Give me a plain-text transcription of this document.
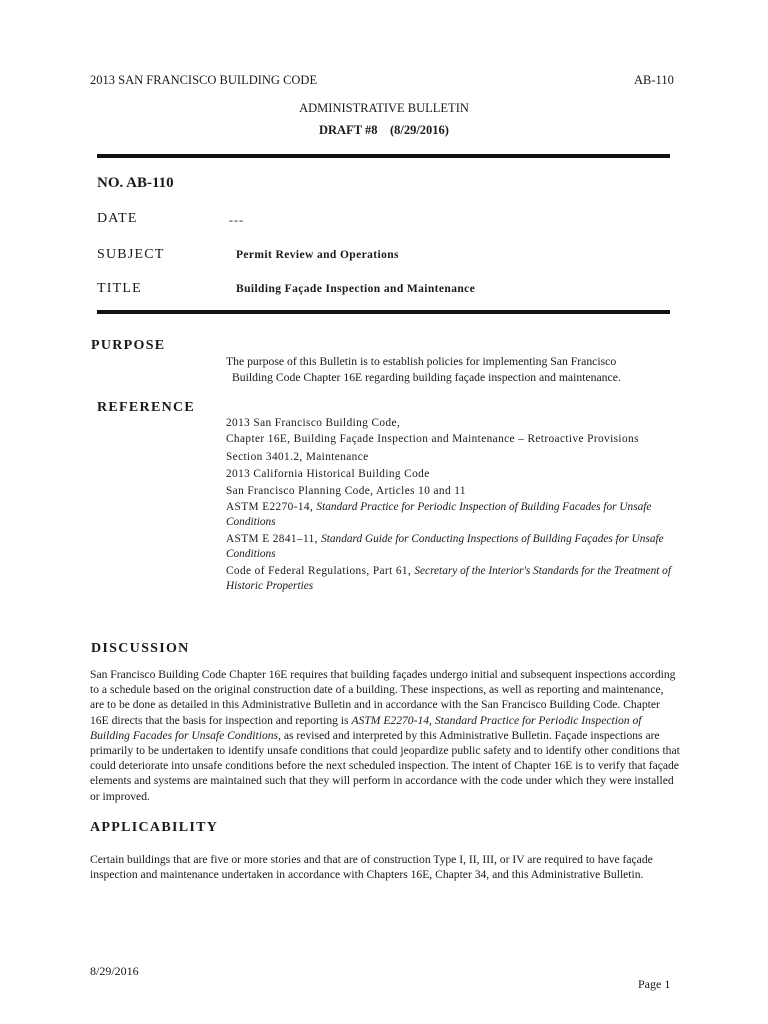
2013 SAN FRANCISCO BUILDING CODE	AB-110
ADMINISTRATIVE BULLETIN
DRAFT #8    (8/29/2016)
NO. AB-110
DATE	---
SUBJECT	Permit Review and Operations
TITLE	Building Façade Inspection and Maintenance
PURPOSE
The purpose of this Bulletin is to establish policies for implementing San Francisco
Building Code Chapter 16E regarding building façade inspection and maintenance.
REFERENCE
2013 San Francisco Building Code,
Chapter 16E, Building Façade Inspection and Maintenance – Retroactive Provisions
Section 3401.2, Maintenance
2013 California Historical Building Code
San Francisco Planning Code, Articles 10 and 11
ASTM E2270-14, Standard Practice for Periodic Inspection of Building Facades for Unsafe Conditions
ASTM E 2841–11, Standard Guide for Conducting Inspections of Building Façades for Unsafe Conditions
Code of Federal Regulations, Part 61, Secretary of the Interior's Standards for the Treatment of Historic Properties
DISCUSSION
San Francisco Building Code Chapter 16E requires that building façades undergo initial and subsequent inspections according to a schedule based on the original construction date of a building. These inspections, as well as reporting and maintenance, are to be done as detailed in this Administrative Bulletin and in accordance with the San Francisco Building Code. Chapter 16E directs that the basis for inspection and reporting is ASTM E2270-14, Standard Practice for Periodic Inspection of Building Facades for Unsafe Conditions, as revised and interpreted by this Administrative Bulletin. Façade inspections are primarily to be undertaken to identify unsafe conditions that could jeopardize public safety and to identify other conditions that could deteriorate into unsafe conditions before the next scheduled inspection. The intent of Chapter 16E is to verify that façade elements and systems are maintained such that they will perform in accordance with the code under which they were installed or improved.
APPLICABILITY
Certain buildings that are five or more stories and that are of construction Type I, II, III, or IV are required to have façade inspection and maintenance undertaken in accordance with Chapters 16E, Chapter 34, and this Administrative Bulletin.
8/29/2016
Page 1
